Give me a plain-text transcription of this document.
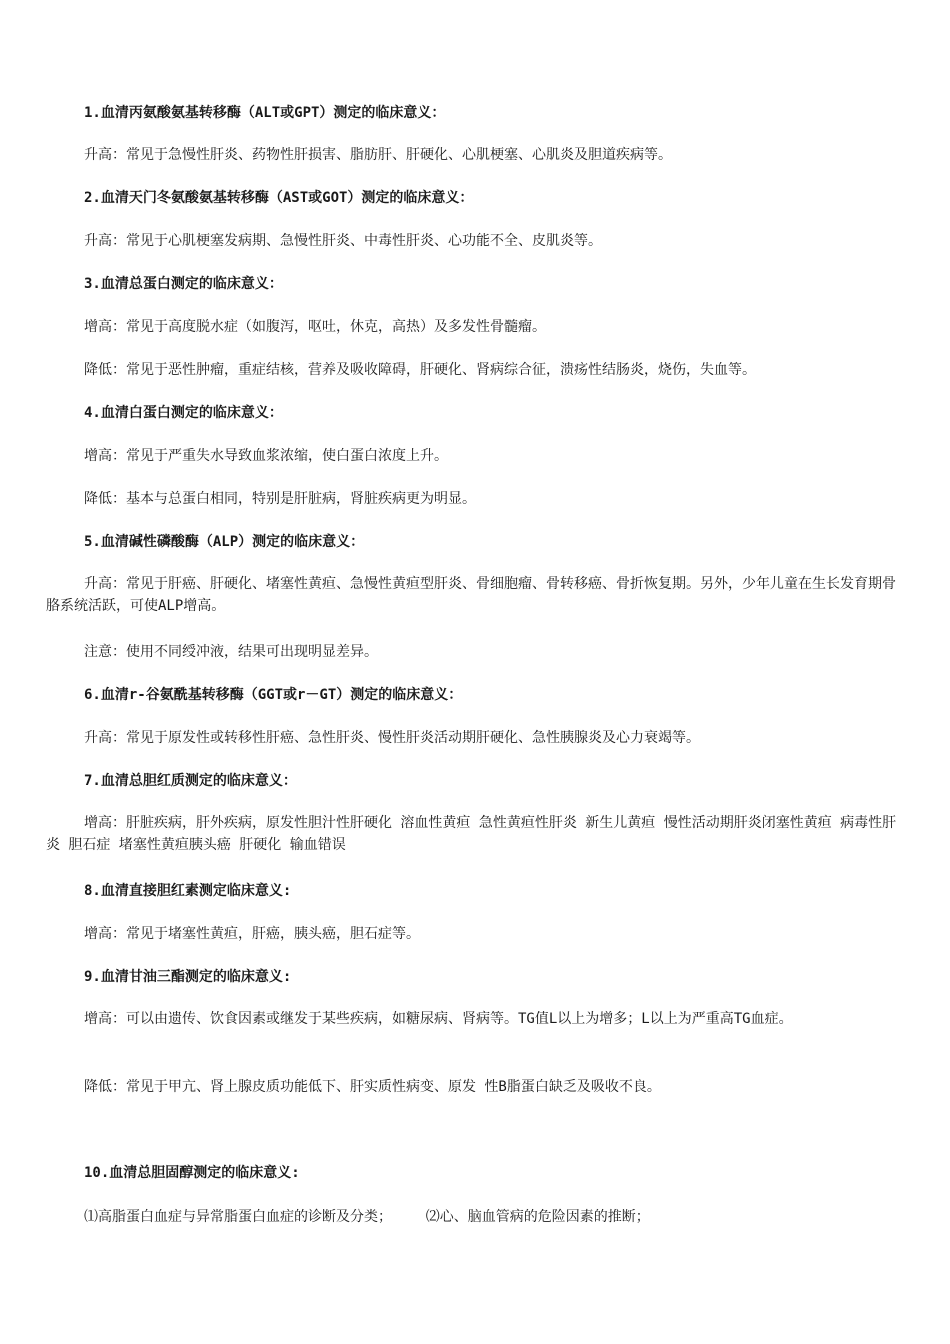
1.血清丙氨酸氨基转移酶（ALT或GPT）测定的临床意义：
升高：常见于急慢性肝炎、药物性肝损害、脂肪肝、肝硬化、心肌梗塞、心肌炎及胆道疾病等。
2.血清天门冬氨酸氨基转移酶（AST或GOT）测定的临床意义：
升高：常见于心肌梗塞发病期、急慢性肝炎、中毒性肝炎、心功能不全、皮肌炎等。
3.血清总蛋白测定的临床意义：
增高：常见于高度脱水症（如腹泻，呕吐，休克，高热）及多发性骨髓瘤。
降低：常见于恶性肿瘤，重症结核，营养及吸收障碍，肝硬化、肾病综合征，溃疡性结肠炎，烧伤，失血等。
4.血清白蛋白测定的临床意义：
增高：常见于严重失水导致血浆浓缩，使白蛋白浓度上升。
降低：基本与总蛋白相同，特别是肝脏病，肾脏疾病更为明显。
5.血清碱性磷酸酶（ALP）测定的临床意义：
升高：常见于肝癌、肝硬化、堵塞性黄疸、急慢性黄疸型肝炎、骨细胞瘤、骨转移癌、骨折恢复期。另外，少年儿童在生长发育期骨胳系统活跃，可使ALP增高。
注意：使用不同绶冲液，结果可出现明显差异。
6.血清r-谷氨酰基转移酶（GGT或r－GT）测定的临床意义：
升高：常见于原发性或转移性肝癌、急性肝炎、慢性肝炎活动期肝硬化、急性胰腺炎及心力衰竭等。
7.血清总胆红质测定的临床意义：
增高：肝脏疾病，肝外疾病，原发性胆汁性肝硬化 溶血性黄疸 急性黄疸性肝炎 新生儿黄疸 慢性活动期肝炎闭塞性黄疸 病毒性肝炎 胆石症 堵塞性黄疸胰头癌 肝硬化 输血错误
8.血清直接胆红素测定临床意义:
增高：常见于堵塞性黄疸，肝癌，胰头癌，胆石症等。
9.血清甘油三酯测定的临床意义:
增高：可以由遗传、饮食因素或继发于某些疾病，如糖尿病、肾病等。TG值L以上为增多；L以上为严重高TG血症。
降低：常见于甲亢、肾上腺皮质功能低下、肝实质性病变、原发 性B脂蛋白缺乏及吸收不良。
10.血清总胆固醇测定的临床意义:
⑴高脂蛋白血症与异常脂蛋白血症的诊断及分类；    ⑵心、脑血管病的危险因素的推断；
